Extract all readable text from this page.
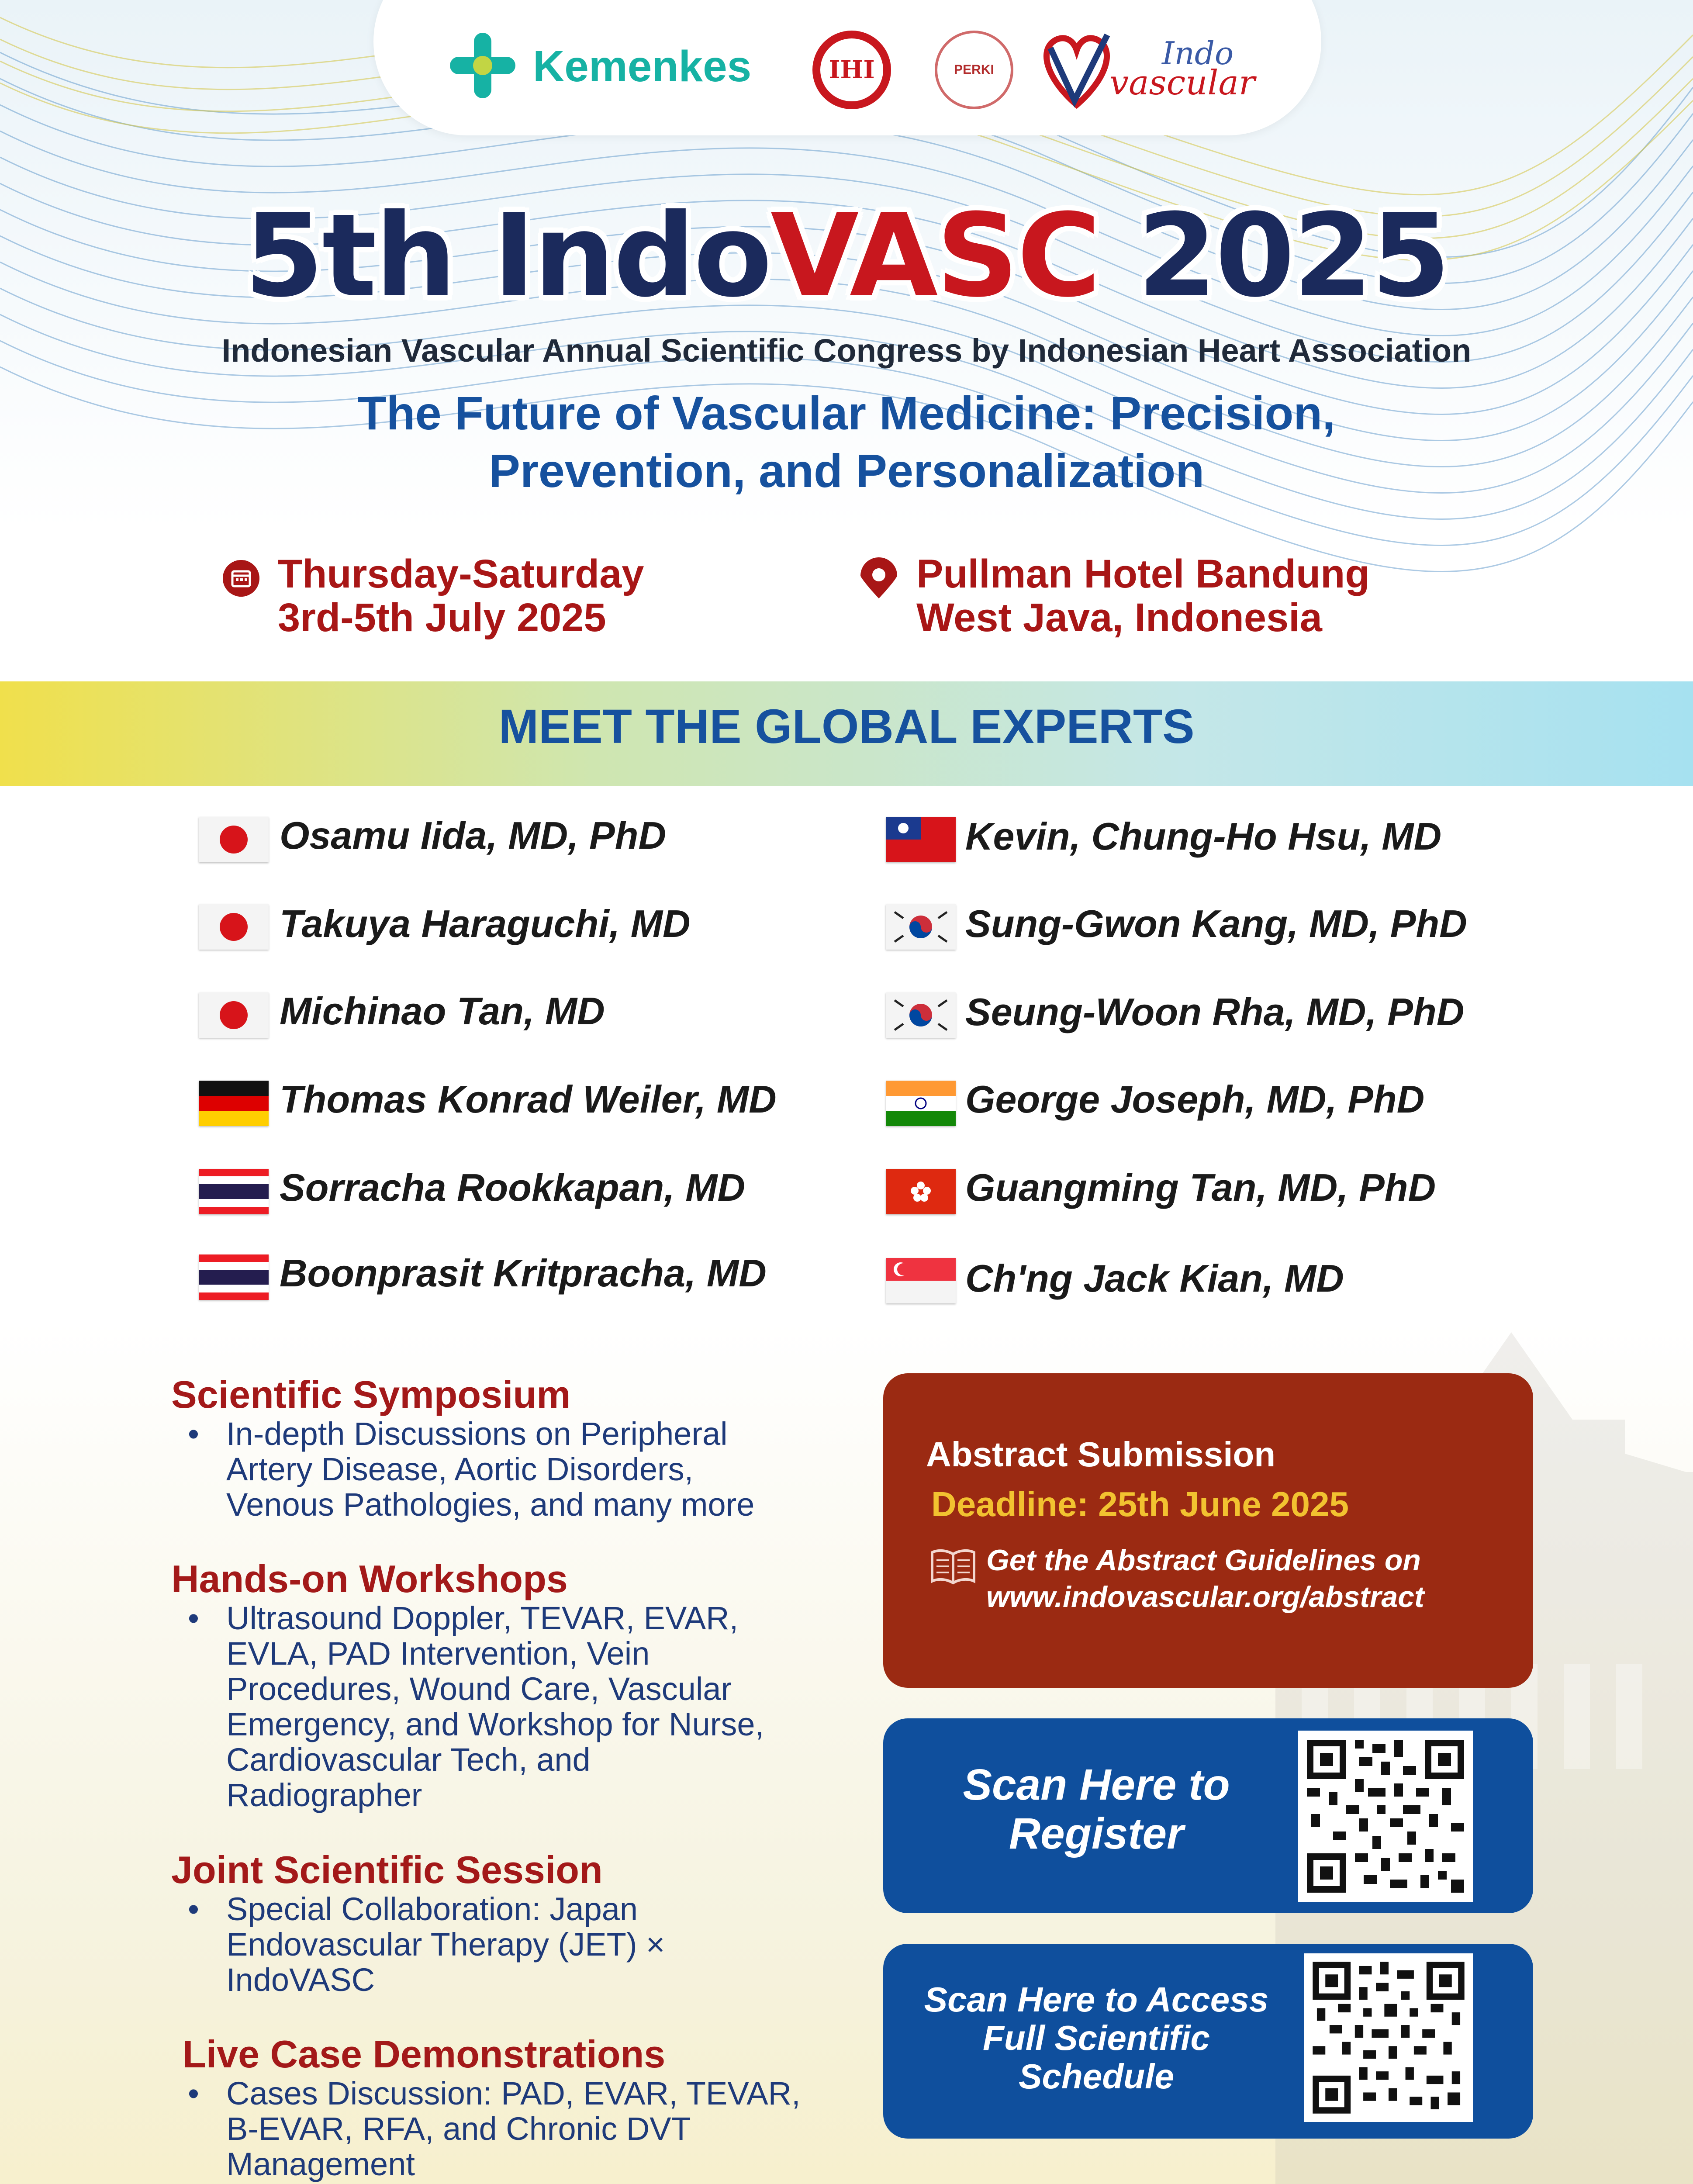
Kemenkes	IHI	PERKI	Indo
vascular
5th IndoVASC 2025
Indonesian Vascular Annual Scientific Congress by Indonesian Heart Association
The Future of Vascular Medicine: Precision,
Prevention, and Personalization
Thursday-Saturday
3rd-5th July 2025
Pullman Hotel Bandung
West Java, Indonesia
MEET THE GLOBAL EXPERTS
Osamu Iida, MD, PhD
Takuya Haraguchi, MD
Michinao Tan, MD
Thomas Konrad Weiler, MD
Sorracha Rookkapan, MD
Boonprasit Kritpracha, MD
Kevin, Chung-Ho Hsu, MD
Sung-Gwon Kang, MD, PhD
Seung-Woon Rha, MD, PhD
George Joseph, MD, PhD
Guangming Tan, MD, PhD
Ch'ng Jack Kian, MD
Scientific Symposium
• In-depth Discussions on Peripheral
Artery Disease, Aortic Disorders,
Venous Pathologies, and many more
Hands-on Workshops
• Ultrasound Doppler, TEVAR, EVAR,
EVLA, PAD Intervention, Vein
Procedures, Wound Care, Vascular
Emergency, and Workshop for Nurse,
Cardiovascular Tech, and
Radiographer
Joint Scientific Session
• Special Collaboration: Japan
Endovascular Therapy (JET) ×
IndoVASC
Live Case Demonstrations
• Cases Discussion: PAD, EVAR, TEVAR,
B-EVAR, RFA, and Chronic DVT
Management
Abstract Submission
Deadline: 25th June 2025
Get the Abstract Guidelines on
www.indovascular.org/abstract
Scan Here to
Register
Scan Here to Access
Full Scientific
Schedule
